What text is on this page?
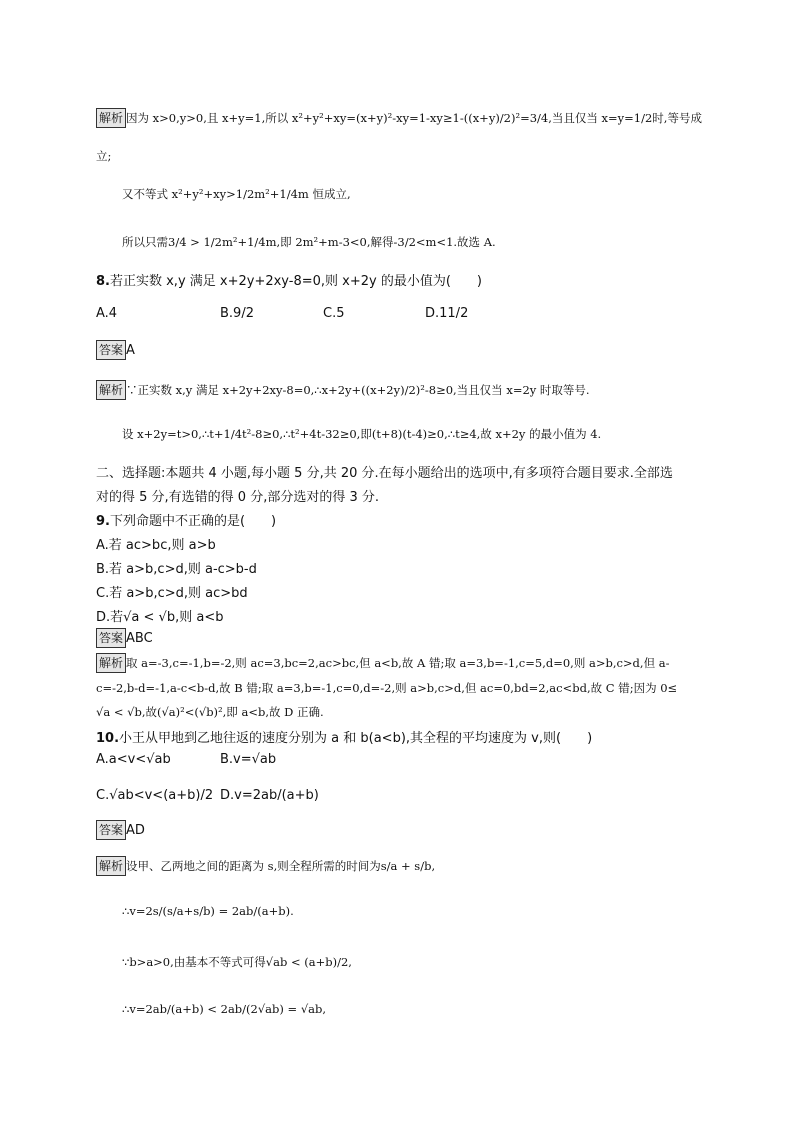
解析 因为 x>0,y>0,且 x+y=1,所以 x²+y²+xy=(x+y)²-xy=1-xy≥1-((x+y)/2)²=3/4,当且仅当 x=y=1/2时,等号成
立;
又不等式 x²+y²+xy>1/2m²+1/4m 恒成立,
所以只需3/4 > 1/2m²+1/4m,即 2m²+m-3<0,解得-3/2<m<1.故选 A.
8.若正实数 x,y 满足 x+2y+2xy-8=0,则 x+2y 的最小值为(　　)
A.4	B.9/2	C.5	D.11/2
答案 A
解析 ∵正实数 x,y 满足 x+2y+2xy-8=0,∴x+2y+((x+2y)/2)²-8≥0,当且仅当 x=2y 时取等号.
设 x+2y=t>0,∴t+1/4t²-8≥0,∴t²+4t-32≥0,即(t+8)(t-4)≥0,∴t≥4,故 x+2y 的最小值为 4.
二、选择题:本题共 4 小题,每小题 5 分,共 20 分.在每小题给出的选项中,有多项符合题目要求.全部选
对的得 5 分,有选错的得 0 分,部分选对的得 3 分.
9.下列命题中不正确的是(　　)
A.若 ac>bc,则 a>b
B.若 a>b,c>d,则 a-c>b-d
C.若 a>b,c>d,则 ac>bd
D.若√a < √b,则 a<b
答案 ABC
解析 取 a=-3,c=-1,b=-2,则 ac=3,bc=2,ac>bc,但 a<b,故 A 错;取 a=3,b=-1,c=5,d=0,则 a>b,c>d,但 a-
c=-2,b-d=-1,a-c<b-d,故 B 错;取 a=3,b=-1,c=0,d=-2,则 a>b,c>d,但 ac=0,bd=2,ac<bd,故 C 错;因为 0≤
√a < √b,故(√a)²<(√b)²,即 a<b,故 D 正确.
10.小王从甲地到乙地往返的速度分别为 a 和 b(a<b),其全程的平均速度为 v,则(　　)
A.a<v<√ab	B.v=√ab
C.√ab<v<(a+b)/2 D.v=2ab/(a+b)
答案 AD
解析 设甲、乙两地之间的距离为 s,则全程所需的时间为s/a + s/b,
∴v=2s/(s/a+s/b) = 2ab/(a+b).
∵b>a>0,由基本不等式可得√ab < (a+b)/2,
∴v=2ab/(a+b) < 2ab/(2√ab) = √ab,
